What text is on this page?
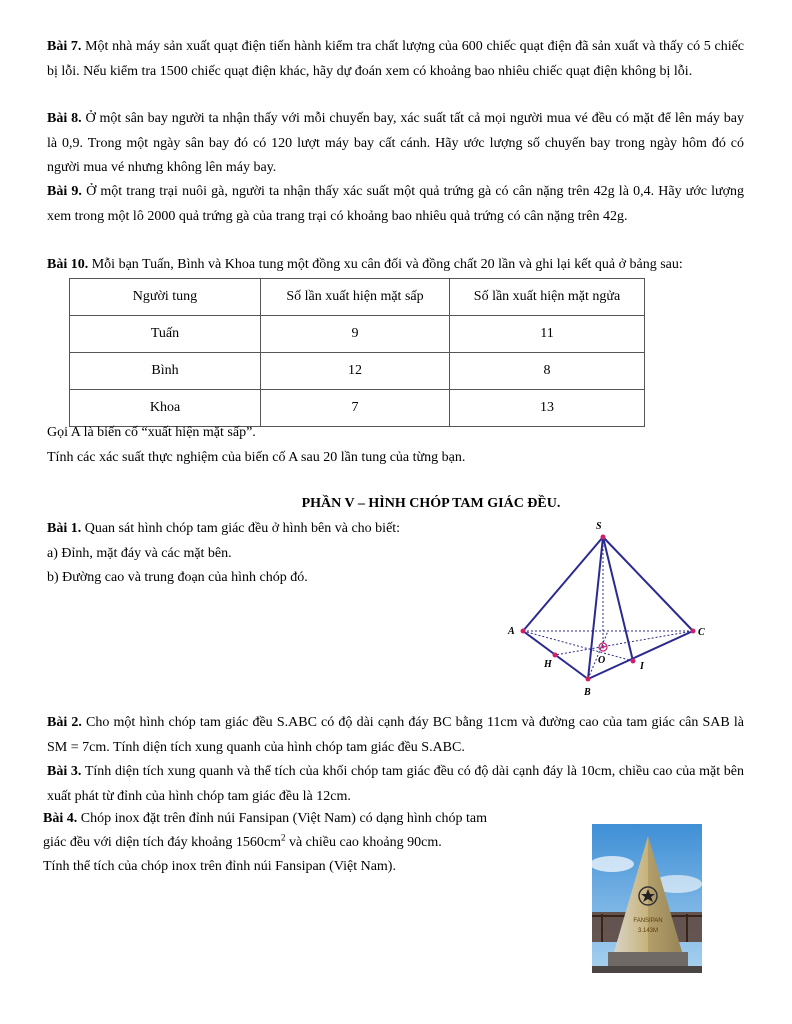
Bài 7. Một nhà máy sản xuất quạt điện tiến hành kiểm tra chất lượng của 600 chiếc quạt điện đã sản xuất và thấy có 5 chiếc bị lỗi. Nếu kiểm tra 1500 chiếc quạt điện khác, hãy dự đoán xem có khoảng bao nhiêu chiếc quạt điện không bị lỗi.
Bài 8. Ở một sân bay người ta nhận thấy với mỗi chuyến bay, xác suất tất cả mọi người mua vé đều có mặt để lên máy bay là 0,9. Trong một ngày sân bay đó có 120 lượt máy bay cất cánh. Hãy ước lượng số chuyến bay trong ngày hôm đó có người mua vé nhưng không lên máy bay.
Bài 9. Ở một trang trại nuôi gà, người ta nhận thấy xác suất một quả trứng gà có cân nặng trên 42g là 0,4. Hãy ước lượng xem trong một lô 2000 quả trứng gà của trang trại có khoảng bao nhiêu quả trứng có cân nặng trên 42g.
Bài 10. Mỗi bạn Tuấn, Bình và Khoa tung một đồng xu cân đối và đồng chất 20 lần và ghi lại kết quả ở bảng sau:
Người tung	Số lần xuất hiện mặt sấp	Số lần xuất hiện mặt ngửa
Tuấn	9	11
Bình	12	8
Khoa	7	13
Gọi A là biến cố “xuất hiện mặt sấp”.
Tính các xác suất thực nghiệm của biến cố A sau 20 lần tung của từng bạn.
PHẦN V – HÌNH CHÓP TAM GIÁC ĐỀU.
Bài 1. Quan sát hình chóp tam giác đều ở hình bên và cho biết:
a) Đỉnh, mặt đáy và các mặt bên.
b) Đường cao và trung đoạn của hình chóp đó.
S
A	C
B
H	I
O
Bài 2. Cho một hình chóp tam giác đều S.ABC có độ dài cạnh đáy BC bằng 11cm và đường cao của tam giác cân SAB là SM = 7cm. Tính diện tích xung quanh của hình chóp tam giác đều S.ABC.
Bài 3. Tính diện tích xung quanh và thể tích của khối chóp tam giác đều có độ dài cạnh đáy là 10cm, chiều cao của mặt bên xuất phát từ đỉnh của hình chóp tam giác đều là 12cm.
Bài 4. Chóp inox đặt trên đỉnh núi Fansipan (Việt Nam) có dạng hình chóp tam
giác đều với diện tích đáy khoảng $1560cm^2$ và chiều cao khoảng 90cm.
Tính thể tích của chóp inox trên đỉnh núi Fansipan (Việt Nam).
FANSIPAN
3.143M
